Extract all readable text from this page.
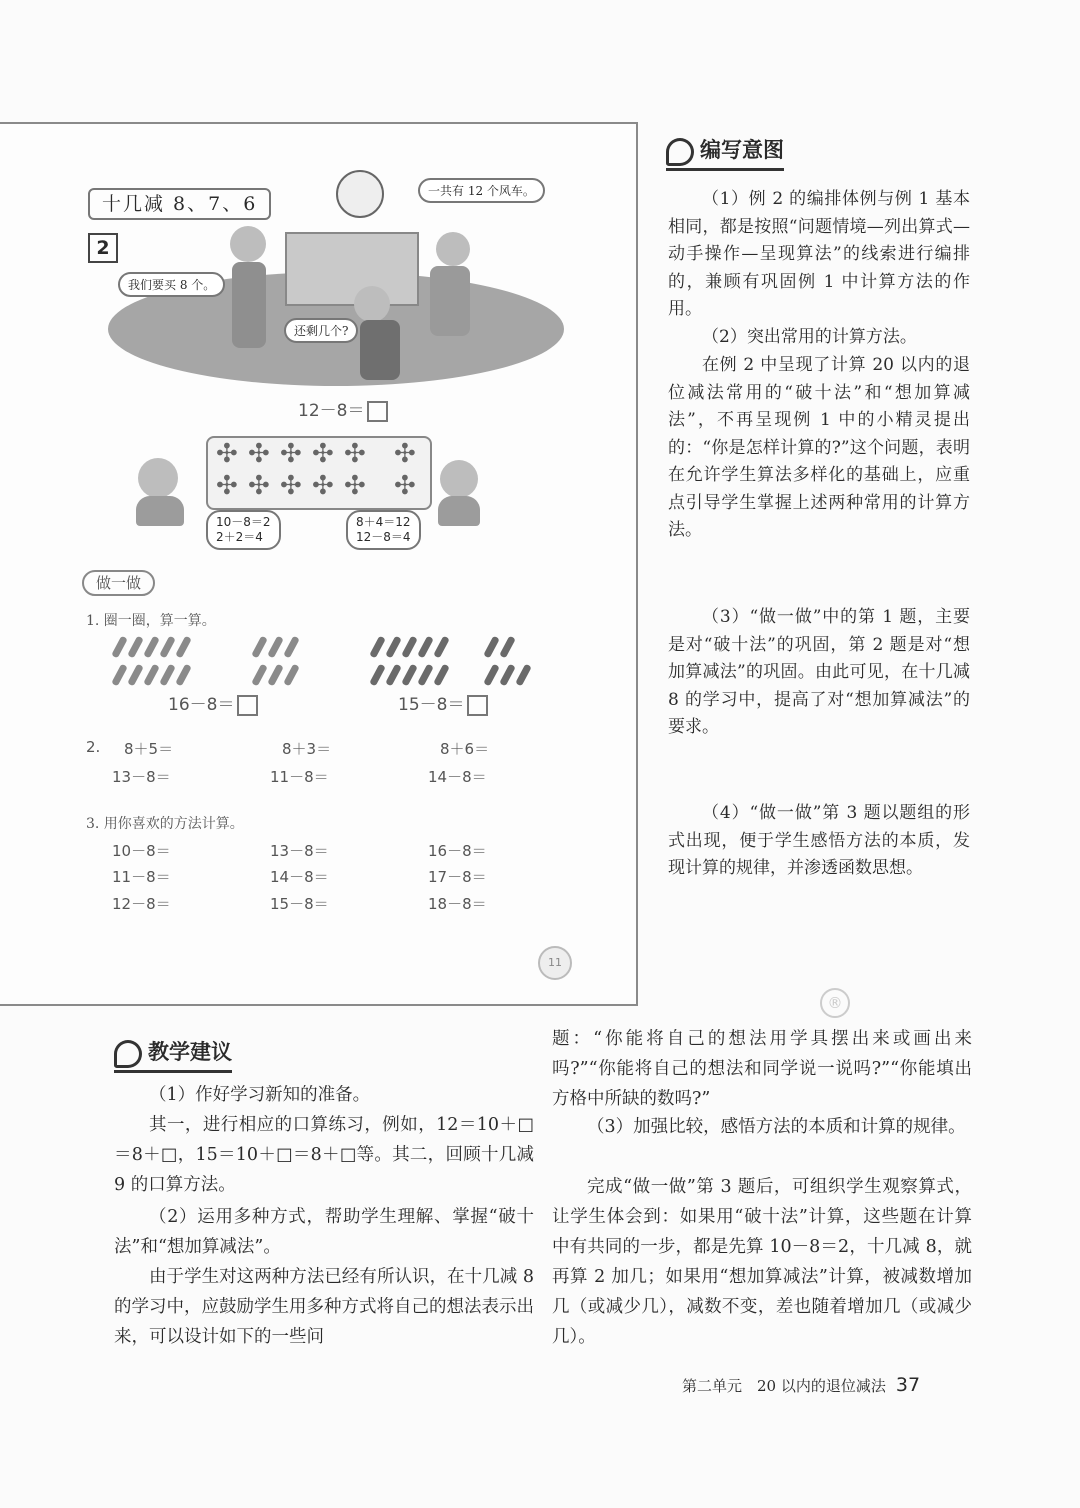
十几减 8、7、6
2
一共有 12 个风车。
我们要买 8 个。
还剩几个?
12－8＝
✣ ✣ ✣ ✣ ✣ ✣
✣ ✣ ✣ ✣ ✣ ✣
10－8＝2
2＋2＝4
8＋4＝12
12－8＝4
做一做
1. 圈一圈，算一算。
16－8＝	15－8＝
2. 8＋5＝	8＋3＝	8＋6＝
13－8＝	11－8＝	14－8＝
3. 用你喜欢的方法计算。
10－8＝	13－8＝	16－8＝
11－8＝	14－8＝	17－8＝
12－8＝	15－8＝	18－8＝
11
编写意图
（1）例 2 的编排体例与例 1 基本相同，都是按照“问题情境—列出算式—动手操作—呈现算法”的线索进行编排的，兼顾有巩固例 1 中计算方法的作用。
（2）突出常用的计算方法。
在例 2 中呈现了计算 20 以内的退位减法常用的“破十法”和“想加算减法”，不再呈现例 1 中的小精灵提出的：“你是怎样计算的?”这个问题，表明在允许学生算法多样化的基础上，应重点引导学生掌握上述两种常用的计算方法。
（3）“做一做”中的第 1 题，主要是对“破十法”的巩固，第 2 题是对“想加算减法”的巩固。由此可见，在十几减 8 的学习中，提高了对“想加算减法”的要求。
（4）“做一做”第 3 题以题组的形式出现，便于学生感悟方法的本质，发现计算的规律，并渗透函数思想。
®
教学建议
（1）作好学习新知的准备。
其一，进行相应的口算练习，例如，12＝10＋□＝8＋□，15＝10＋□＝8＋□等。其二，回顾十几减 9 的口算方法。
（2）运用多种方式，帮助学生理解、掌握“破十法”和“想加算减法”。
由于学生对这两种方法已经有所认识，在十几减 8 的学习中，应鼓励学生用多种方式将自己的想法表示出来，可以设计如下的一些问
题：“你能将自己的想法用学具摆出来或画出来吗?”“你能将自己的想法和同学说一说吗?”“你能填出方格中所缺的数吗?”
（3）加强比较，感悟方法的本质和计算的规律。
完成“做一做”第 3 题后，可组织学生观察算式，让学生体会到：如果用“破十法”计算，这些题在计算中有共同的一步，都是先算 10－8＝2，十几减 8，就再算 2 加几；如果用“想加算减法”计算，被减数增加几（或减少几），减数不变，差也随着增加几（或减少几）。
第二单元　20 以内的退位减法 37
